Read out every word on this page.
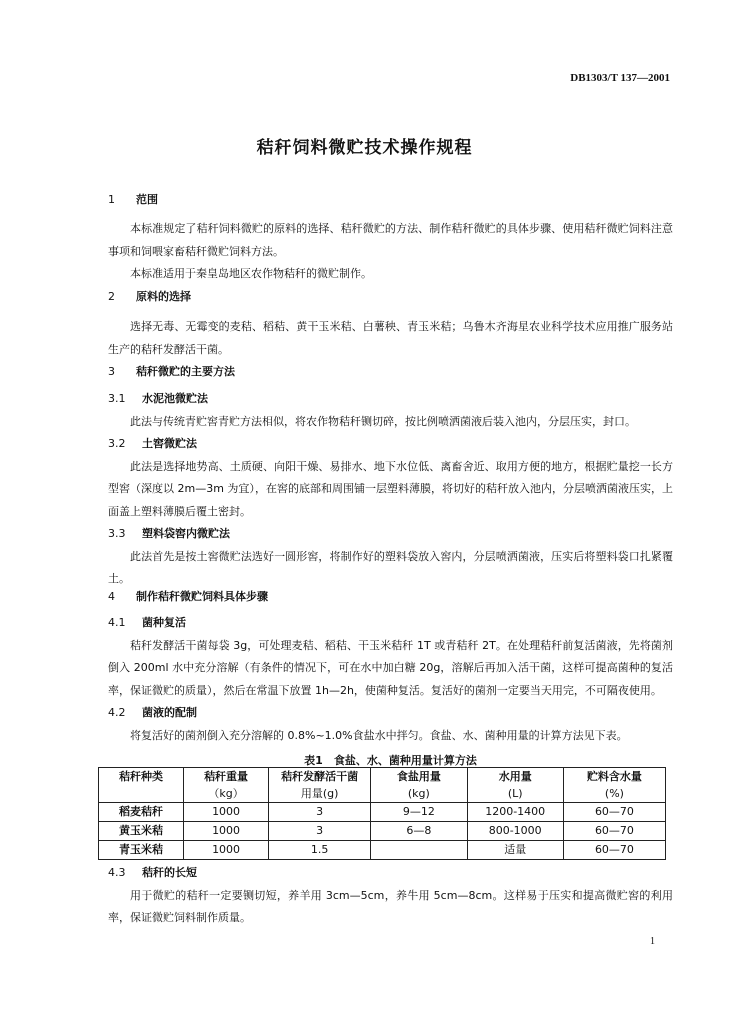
DB1303/T 137—2001
秸秆饲料微贮技术操作规程
1 范围
本标准规定了秸秆饲料微贮的原料的选择、秸秆微贮的方法、制作秸秆微贮的具体步骤、使用秸秆微贮饲料注意事项和饲喂家畜秸秆微贮饲料方法。
本标准适用于秦皇岛地区农作物秸秆的微贮制作。
2 原料的选择
选择无毒、无霉变的麦秸、稻秸、黄干玉米秸、白薯秧、青玉米秸；乌鲁木齐海星农业科学技术应用推广服务站生产的秸秆发酵活干菌。
3 秸秆微贮的主要方法
3.1 水泥池微贮法
此法与传统青贮窖青贮方法相似，将农作物秸秆铡切碎，按比例喷洒菌液后装入池内，分层压实，封口。
3.2 土窖微贮法
此法是选择地势高、土质硬、向阳干燥、易排水、地下水位低、离畜舍近、取用方便的地方，根据贮量挖一长方型窖（深度以 2m—3m 为宜），在窖的底部和周围铺一层塑料薄膜，将切好的秸秆放入池内，分层喷洒菌液压实，上面盖上塑料薄膜后覆土密封。
3.3 塑料袋窖内微贮法
此法首先是按土窖微贮法选好一圆形窖，将制作好的塑料袋放入窖内，分层喷洒菌液，压实后将塑料袋口扎紧覆土。
4 制作秸秆微贮饲料具体步骤
4.1 菌种复活
秸秆发酵活干菌每袋 3g，可处理麦秸、稻秸、干玉米秸秆 1T 或青秸秆 2T。在处理秸秆前复活菌液，先将菌剂倒入 200ml 水中充分溶解（有条件的情况下，可在水中加白糖 20g，溶解后再加入活干菌，这样可提高菌种的复活率，保证微贮的质量），然后在常温下放置 1h—2h，使菌种复活。复活好的菌剂一定要当天用完，不可隔夜使用。
4.2 菌液的配制
将复活好的菌剂倒入充分溶解的 0.8%~1.0%食盐水中拌匀。食盐、水、菌种用量的计算方法见下表。
表1　食盐、水、菌种用量计算方法
秸秆种类	秸秆重量	秸秆发酵活干菌	食盐用量	水用量	贮料含水量
	（kg）	用量(g)	(kg)	(L)	(%)
稻麦秸秆	1000	3	9—12	1200-1400	60—70
黄玉米秸	1000	3	6—8	800-1000	60—70
青玉米秸	1000	1.5		适量	60—70
4.3 秸秆的长短
用于微贮的秸秆一定要铡切短，养羊用 3cm—5cm，养牛用 5cm—8cm。这样易于压实和提高微贮窖的利用率，保证微贮饲料制作质量。
1
